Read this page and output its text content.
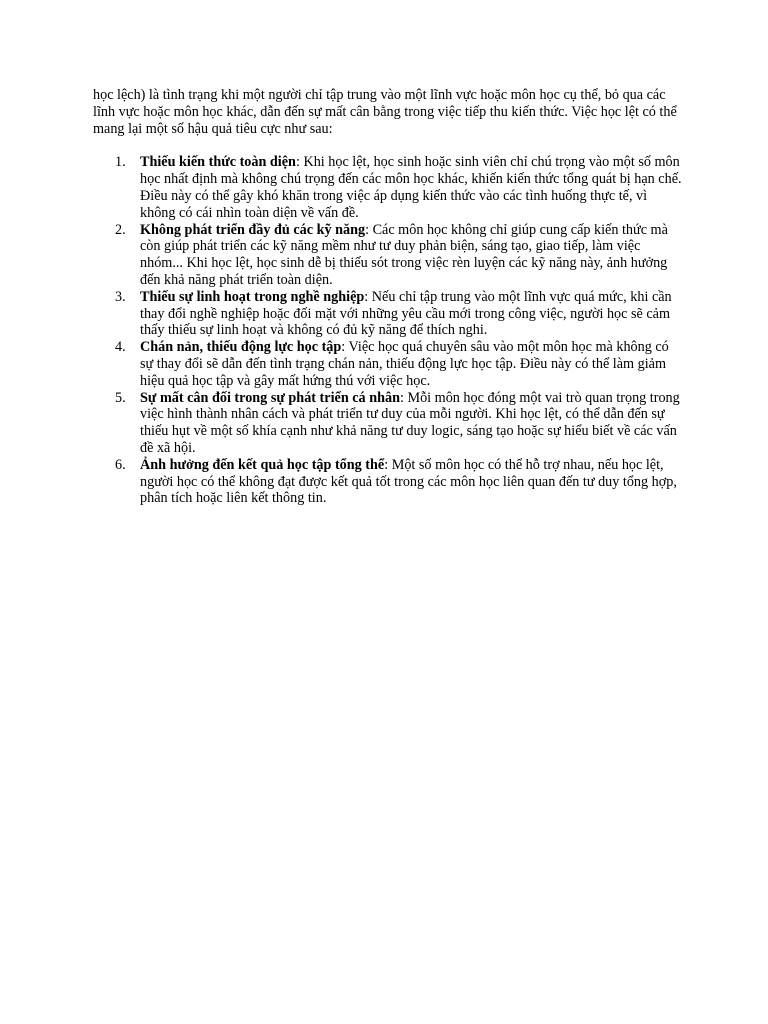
học lệch) là tình trạng khi một người chỉ tập trung vào một lĩnh vực hoặc môn học cụ thể, bỏ qua các lĩnh vực hoặc môn học khác, dẫn đến sự mất cân bằng trong việc tiếp thu kiến thức. Việc học lệt có thể mang lại một số hậu quả tiêu cực như sau:

1.	Thiếu kiến thức toàn diện: Khi học lệt, học sinh hoặc sinh viên chỉ chú trọng vào một số môn học nhất định mà không chú trọng đến các môn học khác, khiến kiến thức tổng quát bị hạn chế. Điều này có thể gây khó khăn trong việc áp dụng kiến thức vào các tình huống thực tế, vì không có cái nhìn toàn diện về vấn đề.
2.	Không phát triển đầy đủ các kỹ năng: Các môn học không chỉ giúp cung cấp kiến thức mà còn giúp phát triển các kỹ năng mềm như tư duy phản biện, sáng tạo, giao tiếp, làm việc nhóm... Khi học lệt, học sinh dễ bị thiếu sót trong việc rèn luyện các kỹ năng này, ảnh hưởng đến khả năng phát triển toàn diện.
3.	Thiếu sự linh hoạt trong nghề nghiệp: Nếu chỉ tập trung vào một lĩnh vực quá mức, khi cần thay đổi nghề nghiệp hoặc đối mặt với những yêu cầu mới trong công việc, người học sẽ cảm thấy thiếu sự linh hoạt và không có đủ kỹ năng để thích nghi.
4.	Chán nản, thiếu động lực học tập: Việc học quá chuyên sâu vào một môn học mà không có sự thay đổi sẽ dẫn đến tình trạng chán nản, thiếu động lực học tập. Điều này có thể làm giảm hiệu quả học tập và gây mất hứng thú với việc học.
5.	Sự mất cân đối trong sự phát triển cá nhân: Mỗi môn học đóng một vai trò quan trọng trong việc hình thành nhân cách và phát triển tư duy của mỗi người. Khi học lệt, có thể dẫn đến sự thiếu hụt về một số khía cạnh như khả năng tư duy logic, sáng tạo hoặc sự hiểu biết về các vấn đề xã hội.
6.	Ảnh hưởng đến kết quả học tập tổng thể: Một số môn học có thể hỗ trợ nhau, nếu học lệt, người học có thể không đạt được kết quả tốt trong các môn học liên quan đến tư duy tổng hợp, phân tích hoặc liên kết thông tin.
